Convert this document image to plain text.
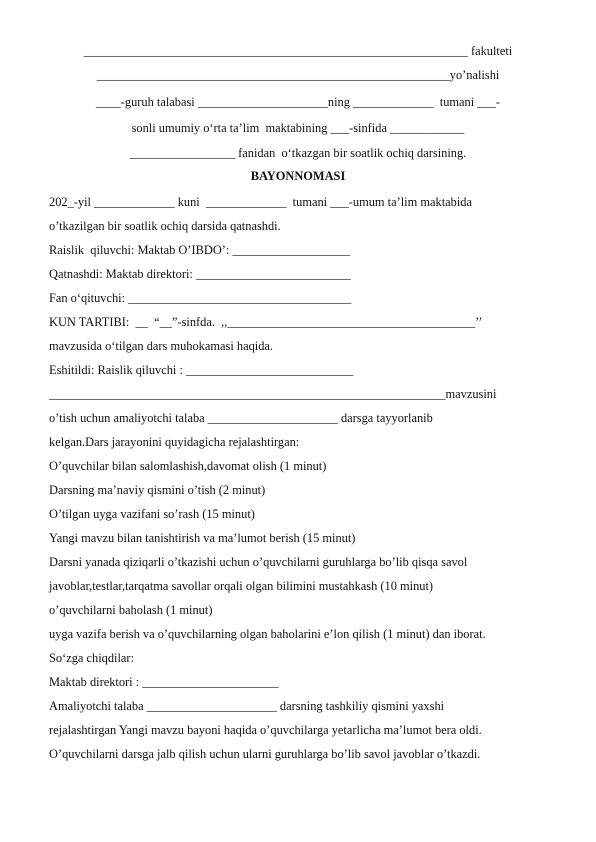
______________________________________________________________ fakulteti
_________________________________________________________yo’nalishi
____-guruh talabasi _____________________ning _____________  tumani ___-
sonli umumiy o‘rta ta’lim  maktabining ___-sinfida ____________
_________________ fanidan  o‘tkazgan bir soatlik ochiq darsining.
BAYONNOMASI
202_-yil _____________ kuni  _____________  tumani ___-umum ta’lim maktabida
o’tkazilgan bir soatlik ochiq darsida qatnashdi.
Raislik  qiluvchi: Maktab O’IBDO’: ___________________
Qatnashdi: Maktab direktori: _________________________
Fan o‘qituvchi: ____________________________________
KUN TARTIBI:  __  “__”-sinfda.  ,,________________________________________’’
mavzusida o‘tilgan dars muhokamasi haqida.
Eshitildi: Raislik qiluvchi : ___________________________
________________________________________________________________mavzusini
o’tish uchun amaliyotchi talaba _____________________ darsga tayyorlanib
kelgan.Dars jarayonini quyidagicha rejalashtirgan:
O’quvchilar bilan salomlashish,davomat olish (1 minut)
Darsning ma’naviy qismini o’tish (2 minut)
O’tilgan uyga vazifani so’rash (15 minut)
Yangi mavzu bilan tanishtirish va ma’lumot berish (15 minut)
Darsni yanada qiziqarli o’tkazishi uchun o’quvchilarni guruhlarga bo’lib qisqa savol
javoblar,testlar,tarqatma savollar orqali olgan bilimini mustahkash (10 minut)
o’quvchilarni baholash (1 minut)
uyga vazifa berish va o’quvchilarning olgan baholarini e’lon qilish (1 minut) dan iborat.
So‘zga chiqdilar:
Maktab direktori : ______________________
Amaliyotchi talaba _____________________ darsning tashkiliy qismini yaxshi
rejalashtirgan Yangi mavzu bayoni haqida o’quvchilarga yetarlicha ma’lumot bera oldi.
O’quvchilarni darsga jalb qilish uchun ularni guruhlarga bo’lib savol javoblar o’tkazdi.
